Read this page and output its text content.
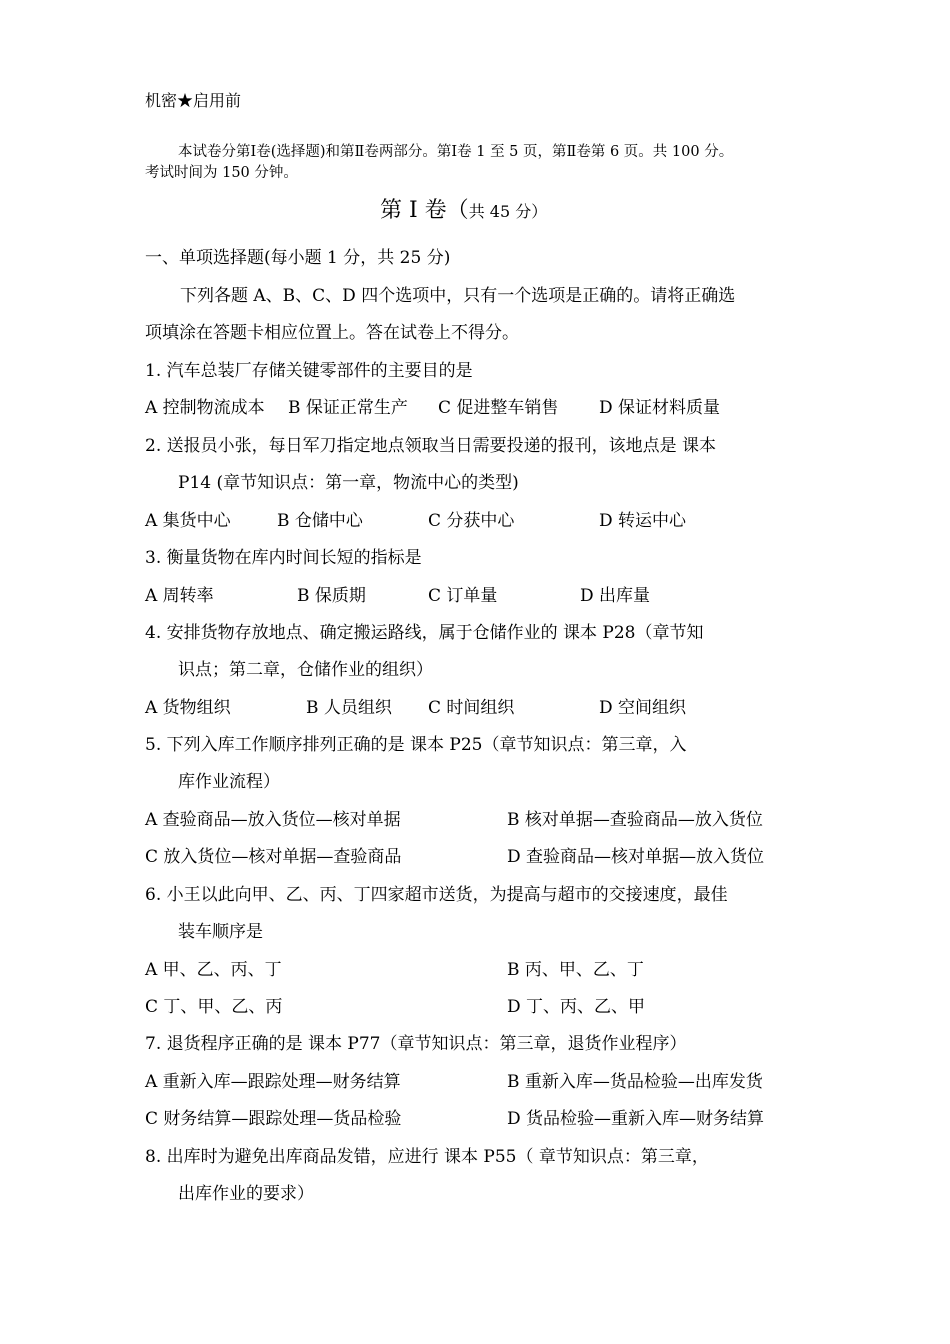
机密★启用前
本试卷分第Ⅰ卷(选择题)和第Ⅱ卷两部分。第Ⅰ卷 1 至 5 页，第Ⅱ卷第 6 页。共 100 分。
考试时间为 150 分钟。
第 I 卷（共 45 分）
一、单项选择题(每小题 1 分，共 25 分)
下列各题 A、B、C、D 四个选项中，只有一个选项是正确的。请将正确选
项填涂在答题卡相应位置上。答在试卷上不得分。
1. 汽车总装厂存储关键零部件的主要目的是
A 控制物流成本 B 保证正常生产 C 促进整车销售 D 保证材料质量
2. 送报员小张，每日军刀指定地点领取当日需要投递的报刊，该地点是 课本
P14 (章节知识点：第一章，物流中心的类型)
A 集货中心	B 仓储中心	C 分获中心	D 转运中心
3. 衡量货物在库内时间长短的指标是
A 周转率	B 保质期	C 订单量	D 出库量
4. 安排货物存放地点、确定搬运路线，属于仓储作业的 课本 P28（章节知
识点；第二章，仓储作业的组织）
A 货物组织	B 人员组织 C 时间组织	D 空间组织
5. 下列入库工作顺序排列正确的是 课本 P25（章节知识点：第三章，入
库作业流程）
A 查验商品—放入货位—核对单据	B 核对单据—查验商品—放入货位
C 放入货位—核对单据—查验商品	D 查验商品—核对单据—放入货位
6. 小王以此向甲、乙、丙、丁四家超市送货，为提高与超市的交接速度，最佳
装车顺序是
A 甲、乙、丙、丁	B 丙、甲、乙、丁
C 丁、甲、乙、丙	D 丁、丙、乙、甲
7. 退货程序正确的是 课本 P77（章节知识点：第三章，退货作业程序）
A 重新入库—跟踪处理—财务结算	B 重新入库—货品检验—出库发货
C 财务结算—跟踪处理—货品检验	D 货品检验—重新入库—财务结算
8. 出库时为避免出库商品发错，应进行 课本 P55（ 章节知识点：第三章，
出库作业的要求）
